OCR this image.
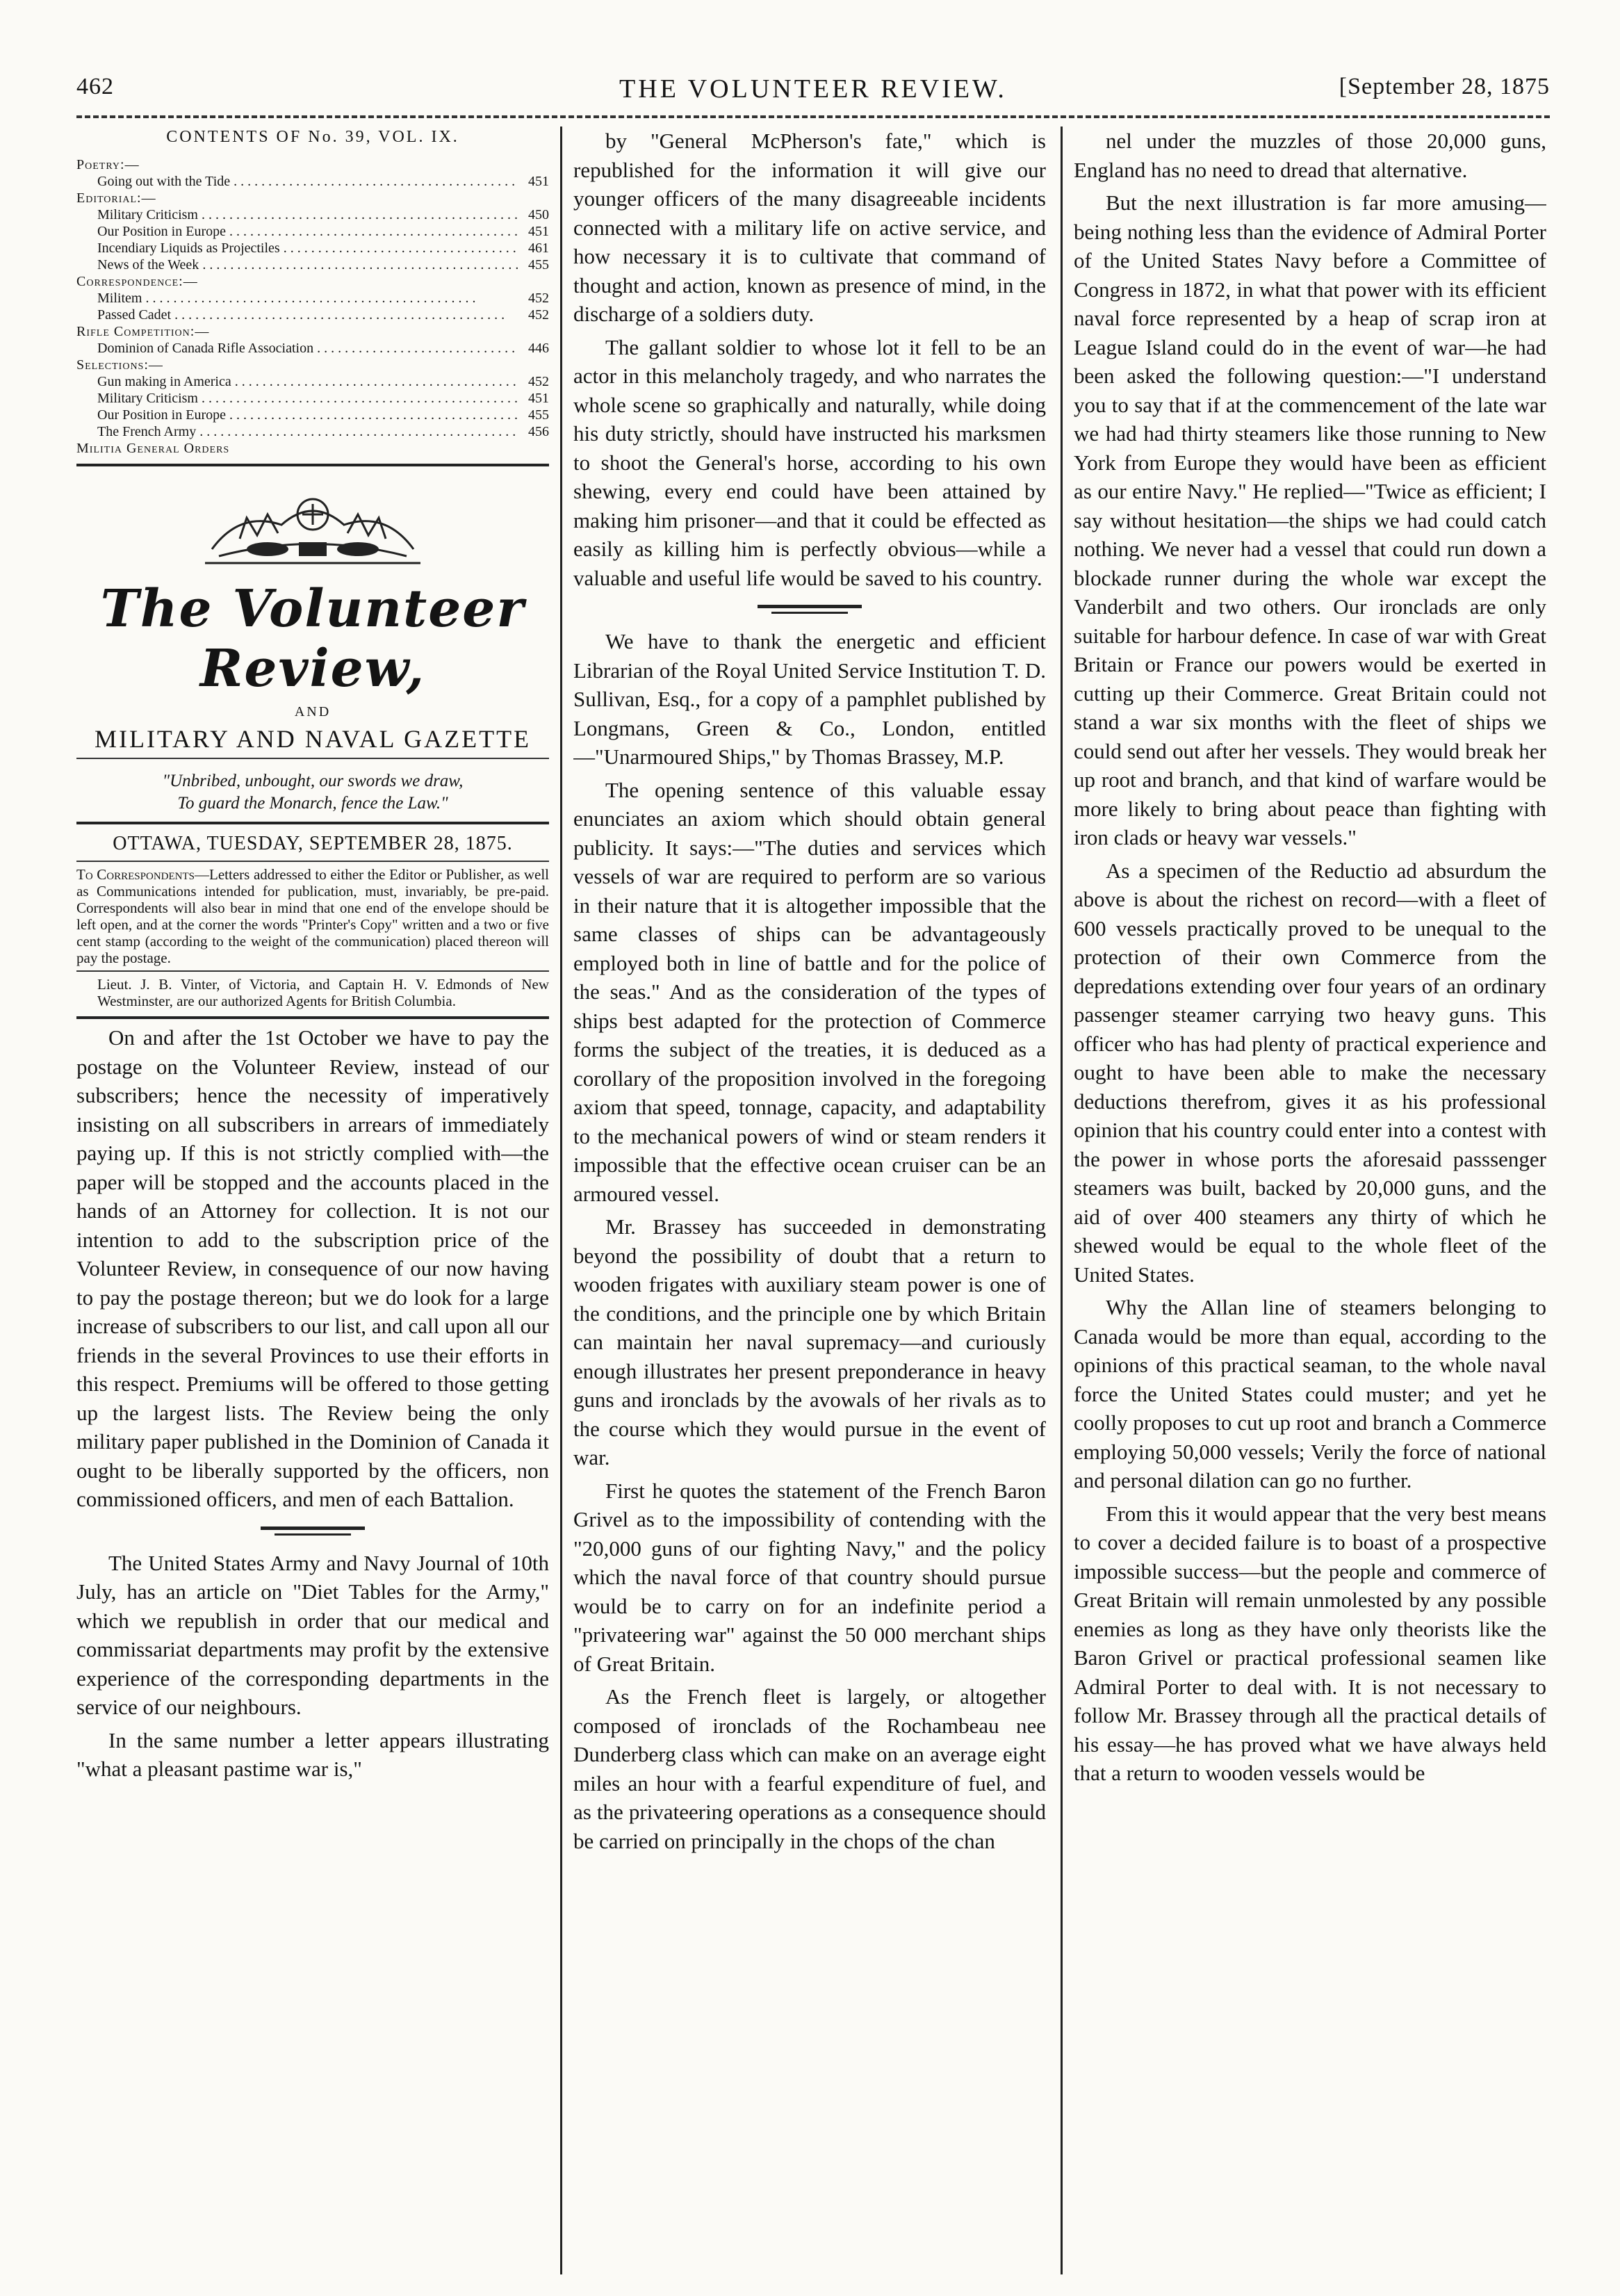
462	THE VOLUNTEER REVIEW.	[September 28, 1875
CONTENTS OF No. 39, VOL. IX.
Poetry:—
Going out with the Tide . . .	451
Editorial:—
Military Criticism . . .	450
Our Position in Europe . . .	451
Incendiary Liquids as Projectiles . . .	461
News of the Week . . .	455
Correspondence:—
Militem . . .	452
Passed Cadet . . .	452
Rifle Competition:—
Dominion of Canada Rifle Association . . .	446
Selections:—
Gun making in America . . .	452
Military Criticism . . .	451
Our Position in Europe . . .	455
The French Army . . .	456
Militia General Orders
The Volunteer Review,
AND
MILITARY AND NAVAL GAZETTE
"Unbribed, unbought, our swords we draw,
To guard the Monarch, fence the Law."
OTTAWA, TUESDAY, SEPTEMBER 28, 1875.
To Correspondents—Letters addressed to either the Editor or Publisher, as well as Communications intended for publication, must, invariably, be pre-paid. Correspondents will also bear in mind that one end of the envelope should be left open, and at the corner the words "Printer's Copy" written and a two or five cent stamp (according to the weight of the communication) placed thereon will pay the postage.
Lieut. J. B. Vinter, of Victoria, and Captain H. V. Edmonds of New Westminster, are our authorized Agents for British Columbia.

On and after the 1st October we have to pay the postage on the Volunteer Review, instead of our subscribers; hence the necessity of imperatively insisting on all subscribers in arrears of immediately paying up. If this is not strictly complied with—the paper will be stopped and the accounts placed in the hands of an Attorney for collection. It is not our intention to add to the subscription price of the Volunteer Review, in consequence of our now having to pay the postage thereon; but we do look for a large increase of subscribers to our list, and call upon all our friends in the several Provinces to use their efforts in this respect. Premiums will be offered to those getting up the largest lists. The Review being the only military paper published in the Dominion of Canada it ought to be liberally supported by the officers, non commissioned officers, and men of each Battalion.

The United States Army and Navy Journal of 10th July, has an article on "Diet Tables for the Army," which we republish in order that our medical and commissariat departments may profit by the extensive experience of the corresponding departments in the service of our neighbours.

In the same number a letter appears illustrating "what a pleasant pastime war is,"

by "General McPherson's fate," which is republished for the information it will give our younger officers of the many disagreeable incidents connected with a military life on active service, and how necessary it is to cultivate that command of thought and action, known as presence of mind, in the discharge of a soldiers duty.

The gallant soldier to whose lot it fell to be an actor in this melancholy tragedy, and who narrates the whole scene so graphically and naturally, while doing his duty strictly, should have instructed his marksmen to shoot the General's horse, according to his own shewing, every end could have been attained by making him prisoner—and that it could be effected as easily as killing him is perfectly obvious—while a valuable and useful life would be saved to his country.

We have to thank the energetic and efficient Librarian of the Royal United Service Institution T. D. Sullivan, Esq., for a copy of a pamphlet published by Longmans, Green & Co., London, entitled—"Unarmoured Ships," by Thomas Brassey, M.P.

The opening sentence of this valuable essay enunciates an axiom which should obtain general publicity. It says:—"The duties and services which vessels of war are required to perform are so various in their nature that it is altogether impossible that the same classes of ships can be advantageously employed both in line of battle and for the police of the seas." And as the consideration of the types of ships best adapted for the protection of Commerce forms the subject of the treaties, it is deduced as a corollary of the proposition involved in the foregoing axiom that speed, tonnage, capacity, and adaptability to the mechanical powers of wind or steam renders it impossible that the effective ocean cruiser can be an armoured vessel.

Mr. Brassey has succeeded in demonstrating beyond the possibility of doubt that a return to wooden frigates with auxiliary steam power is one of the conditions, and the principle one by which Britain can maintain her naval supremacy—and curiously enough illustrates her present preponderance in heavy guns and ironclads by the avowals of her rivals as to the course which they would pursue in the event of war.

First he quotes the statement of the French Baron Grivel as to the impossibility of contending with the "20,000 guns of our fighting Navy," and the policy which the naval force of that country should pursue would be to carry on for an indefinite period a "privateering war" against the 50 000 merchant ships of Great Britain.

As the French fleet is largely, or altogether composed of ironclads of the Rochambeau nee Dunderberg class which can make on an average eight miles an hour with a fearful expenditure of fuel, and as the privateering operations as a consequence should be carried on principally in the chops of the chan

nel under the muzzles of those 20,000 guns, England has no need to dread that alternative.

But the next illustration is far more amusing—being nothing less than the evidence of Admiral Porter of the United States Navy before a Committee of Congress in 1872, in what that power with its efficient naval force represented by a heap of scrap iron at League Island could do in the event of war—he had been asked the following question:—"I understand you to say that if at the commencement of the late war we had had thirty steamers like those running to New York from Europe they would have been as efficient as our entire Navy." He replied—"Twice as efficient; I say without hesitation—the ships we had could catch nothing. We never had a vessel that could run down a blockade runner during the whole war except the Vanderbilt and two others. Our ironclads are only suitable for harbour defence. In case of war with Great Britain or France our powers would be exerted in cutting up their Commerce. Great Britain could not stand a war six months with the fleet of ships we could send out after her vessels. They would break her up root and branch, and that kind of warfare would be more likely to bring about peace than fighting with iron clads or heavy war vessels."

As a specimen of the Reductio ad absurdum the above is about the richest on record—with a fleet of 600 vessels practically proved to be unequal to the protection of their own Commerce from the depredations extending over four years of an ordinary passenger steamer carrying two heavy guns. This officer who has had plenty of practical experience and ought to have been able to make the necessary deductions therefrom, gives it as his professional opinion that his country could enter into a contest with the power in whose ports the aforesaid passsenger steamers was built, backed by 20,000 guns, and the aid of over 400 steamers any thirty of which he shewed would be equal to the whole fleet of the United States.

Why the Allan line of steamers belonging to Canada would be more than equal, according to the opinions of this practical seaman, to the whole naval force the United States could muster; and yet he coolly proposes to cut up root and branch a Commerce employing 50,000 vessels; Verily the force of national and personal dilation can go no further.

From this it would appear that the very best means to cover a decided failure is to boast of a prospective impossible success—but the people and commerce of Great Britain will remain unmolested by any possible enemies as long as they have only theorists like the Baron Grivel or practical professional seamen like Admiral Porter to deal with. It is not necessary to follow Mr. Brassey through all the practical details of his essay—he has proved what we have always held that a return to wooden vessels would be
